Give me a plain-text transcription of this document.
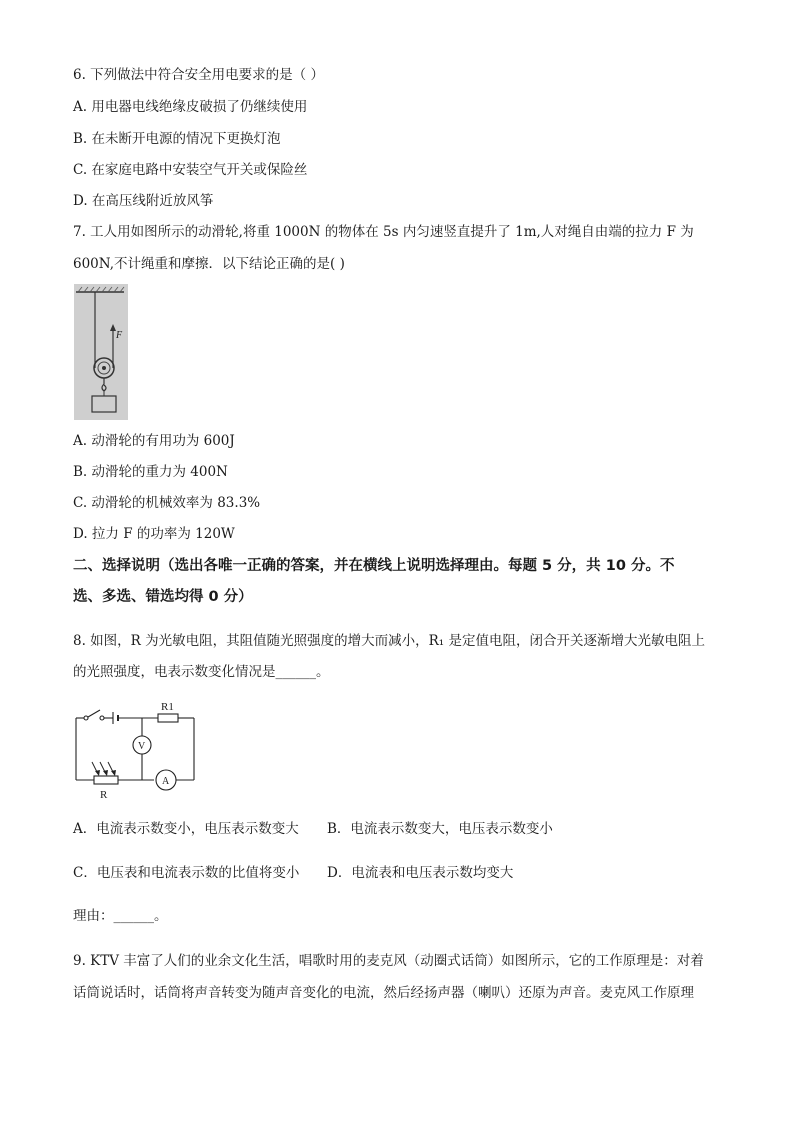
6. 下列做法中符合安全用电要求的是（ ）
A. 用电器电线绝缘皮破损了仍继续使用
B. 在未断开电源的情况下更换灯泡
C. 在家庭电路中安装空气开关或保险丝
D. 在高压线附近放风筝
7. 工人用如图所示的动滑轮,将重 1000N 的物体在 5s 内匀速竖直提升了 1m,人对绳自由端的拉力 F 为
600N,不计绳重和摩擦．以下结论正确的是( )
F
A. 动滑轮的有用功为 600J
B. 动滑轮的重力为 400N
C. 动滑轮的机械效率为 83.3%
D. 拉力 F 的功率为 120W
二、选择说明（选出各唯一正确的答案，并在横线上说明选择理由。每题 5 分，共 10 分。不
选、多选、错选均得 0 分）
8. 如图，R 为光敏电阻，其阻值随光照强度的增大而减小，R₁ 是定值电阻，闭合开关逐渐增大光敏电阻上
的光照强度，电表示数变化情况是______。
R1
V
A
R
A．电流表示数变小，电压表示数变大 B．电流表示数变大，电压表示数变小
C．电压表和电流表示数的比值将变小 D．电流表和电压表示数均变大
理由：______。
9. KTV 丰富了人们的业余文化生活，唱歌时用的麦克风（动圈式话筒）如图所示，它的工作原理是：对着
话筒说话时，话筒将声音转变为随声音变化的电流，然后经扬声器（喇叭）还原为声音。麦克风工作原理
